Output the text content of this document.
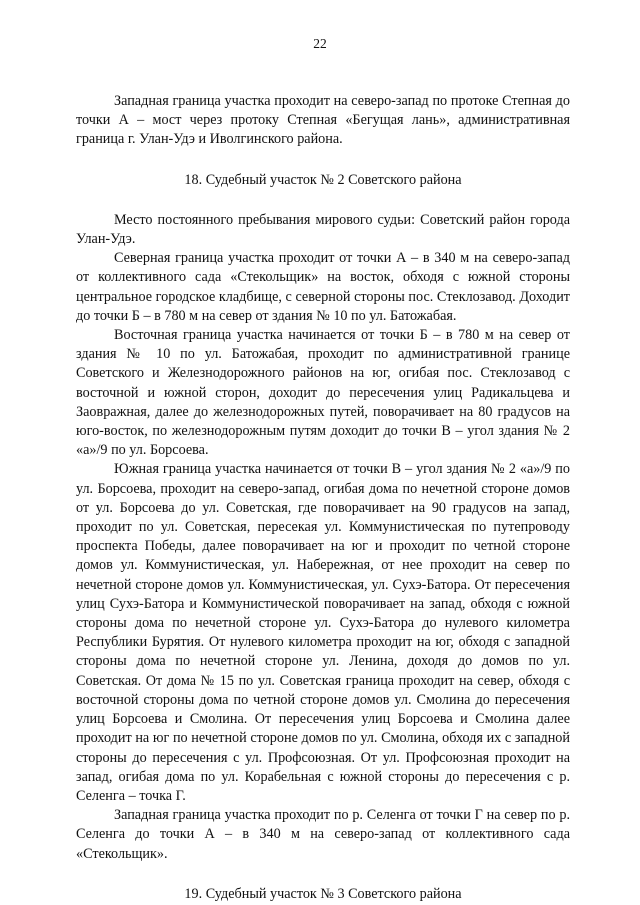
22

Западная граница участка проходит на северо-запад по протоке Степная до точки А – мост через протоку Степная «Бегущая лань», административная граница г. Улан-Удэ и Иволгинского района.

18. Судебный участок № 2 Советского района

Место постоянного пребывания мирового судьи: Советский район города Улан-Удэ.

Северная граница участка проходит от точки А – в 340 м на северо-запад от коллективного сада «Стекольщик» на восток, обходя с южной стороны центральное городское кладбище, с северной стороны пос. Стеклозавод. Доходит до точки Б – в 780 м на север от здания № 10 по ул. Батожабая.

Восточная граница участка начинается от точки Б – в 780 м на север от здания № 10 по ул. Батожабая, проходит по административной границе Советского и Железнодорожного районов на юг, огибая пос. Стеклозавод с восточной и южной сторон, доходит до пересечения улиц Радикальцева и Заовражная, далее до железнодорожных путей, поворачивает на 80 градусов на юго-восток, по железнодорожным путям доходит до точки В – угол здания № 2 «а»/9 по ул. Борсоева.

Южная граница участка начинается от точки В – угол здания № 2 «а»/9 по ул. Борсоева, проходит на северо-запад, огибая дома по нечетной стороне домов от ул. Борсоева до ул. Советская, где поворачивает на 90 градусов на запад, проходит по ул. Советская, пересекая ул. Коммунистическая по путепроводу проспекта Победы, далее поворачивает на юг и проходит по четной стороне домов ул. Коммунистическая, ул. Набережная, от нее проходит на север по нечетной стороне домов ул. Коммунистическая, ул. Сухэ-Батора. От пересечения улиц Сухэ-Батора и Коммунистической поворачивает на запад, обходя с южной стороны дома по нечетной стороне ул. Сухэ-Батора до нулевого километра Республики Бурятия. От нулевого километра проходит на юг, обходя с западной стороны дома по нечетной стороне ул. Ленина, доходя до домов по ул. Советская. От дома № 15 по ул. Советская граница проходит на север, обходя с восточной стороны дома по четной стороне домов ул. Смолина до пересечения улиц Борсоева и Смолина. От пересечения улиц Борсоева и Смолина далее проходит на юг по нечетной стороне домов по ул. Смолина, обходя их с западной стороны до пересечения с ул. Профсоюзная. От ул. Профсоюзная проходит на запад, огибая дома по ул. Корабельная с южной стороны до пересечения с р. Селенга – точка Г.

Западная граница участка проходит по р. Селенга от точки Г на север по р. Селенга до точки А – в 340 м на северо-запад от коллективного сада «Стекольщик».

19. Судебный участок № 3 Советского района
